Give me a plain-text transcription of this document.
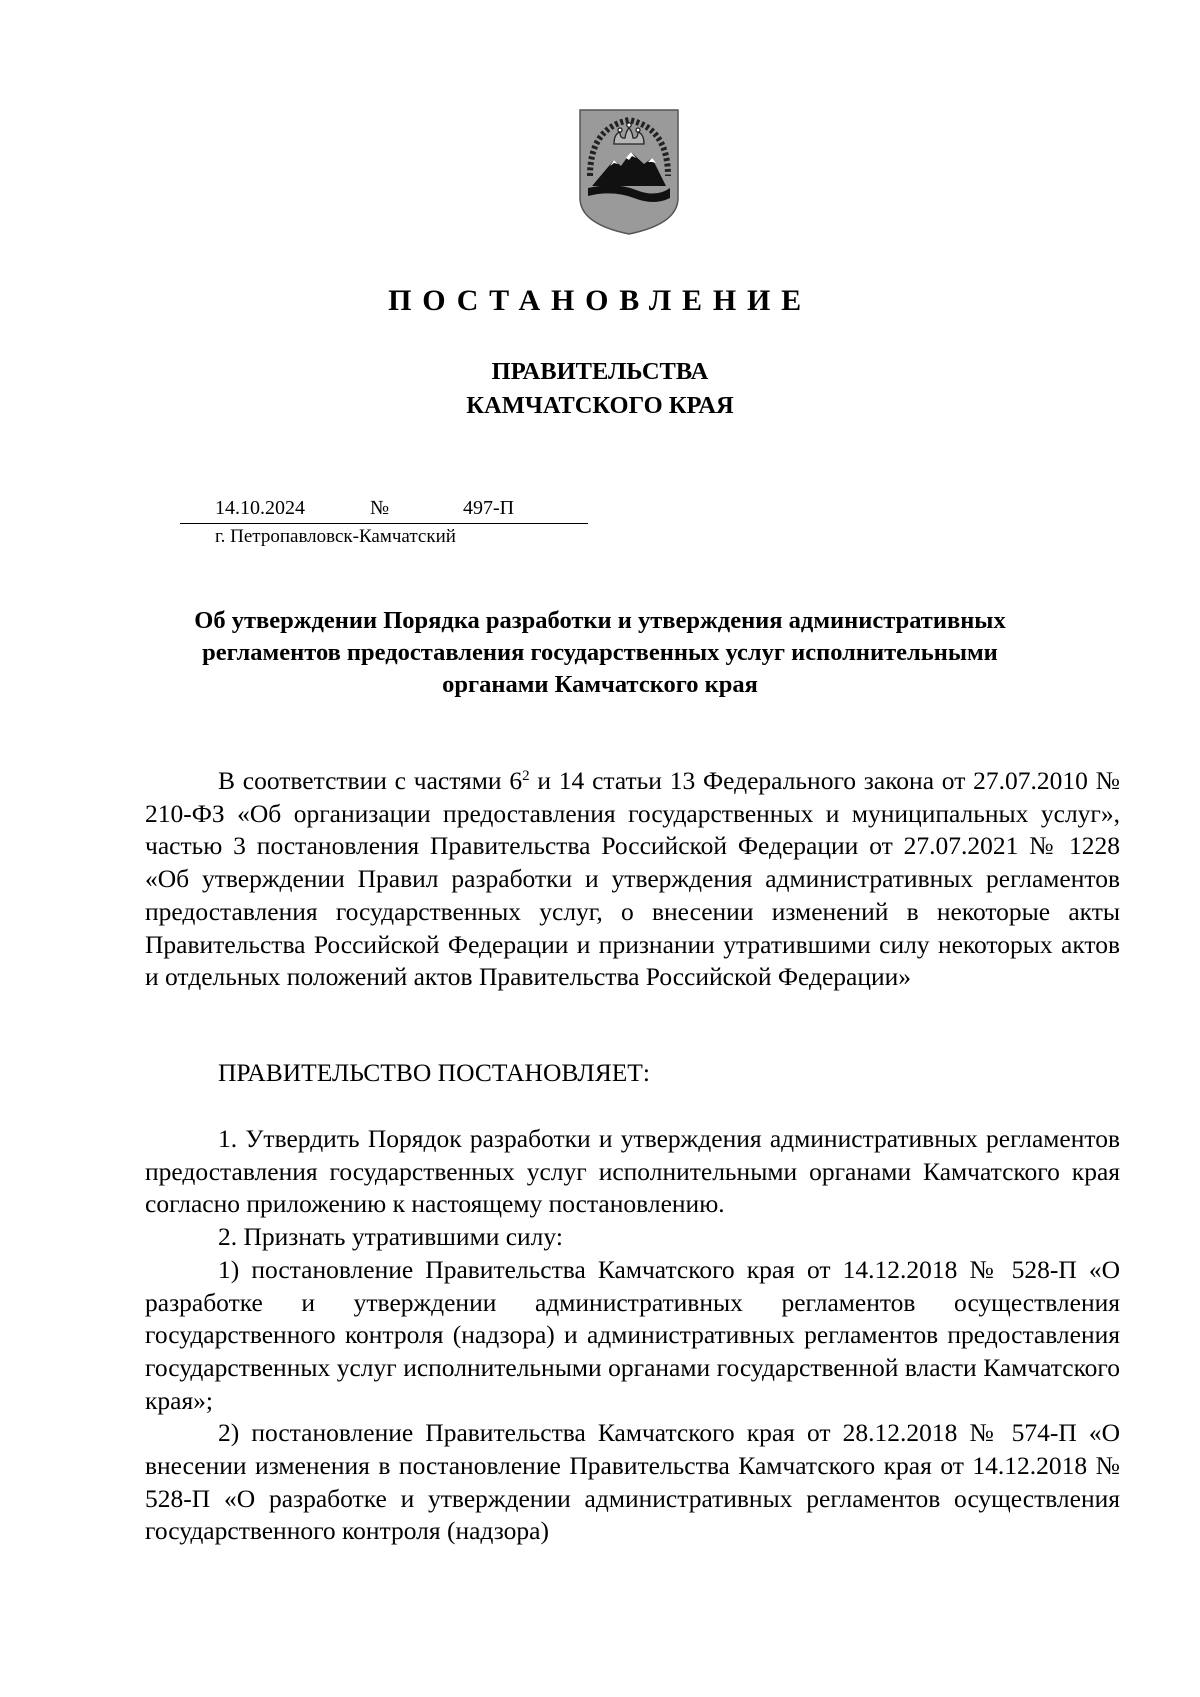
ПОСТАНОВЛЕНИЕ
ПРАВИТЕЛЬСТВА
КАМЧАТСКОГО КРАЯ
14.10.2024	№	497-П
г. Петропавловск-Камчатский
Об утверждении Порядка разработки и утверждения административных
регламентов предоставления государственных услуг исполнительными
органами Камчатского края

В соответствии с частями $6^2$ и 14 статьи 13 Федерального закона от 27.07.2010 № 210-ФЗ «Об организации предоставления государственных и муниципальных услуг», частью 3 постановления Правительства Российской Федерации от 27.07.2021 № 1228 «Об утверждении Правил разработки и утверждения административных регламентов предоставления государственных услуг, о внесении изменений в некоторые акты Правительства Российской Федерации и признании утратившими силу некоторых актов и отдельных положений актов Правительства Российской Федерации»

ПРАВИТЕЛЬСТВО ПОСТАНОВЛЯЕТ:

1. Утвердить Порядок разработки и утверждения административных регламентов предоставления государственных услуг исполнительными органами Камчатского края согласно приложению к настоящему постановлению.

2. Признать утратившими силу:

1) постановление Правительства Камчатского края от 14.12.2018 № 528-П «О разработке и утверждении административных регламентов осуществления государственного контроля (надзора) и административных регламентов предоставления государственных услуг исполнительными органами государственной власти Камчатского края»;

2) постановление Правительства Камчатского края от 28.12.2018 № 574-П «О внесении изменения в постановление Правительства Камчатского края от 14.12.2018 № 528-П «О разработке и утверждении административных регламентов осуществления государственного контроля (надзора)
